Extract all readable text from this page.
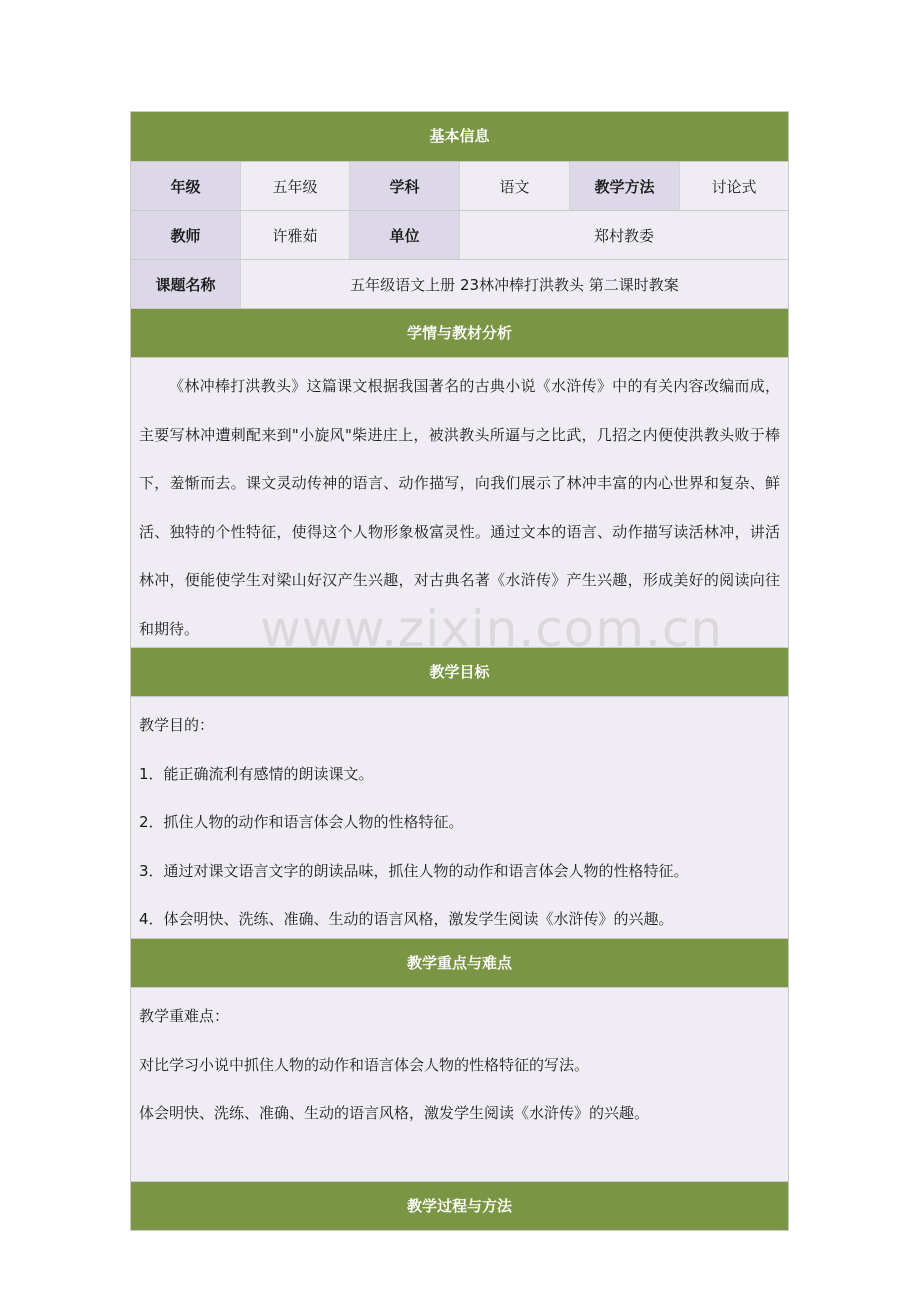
基本信息
年级	五年级	学科	语文	教学方法	讨论式
教师	许雅茹	单位	郑村教委
课题名称	五年级语文上册 23林冲棒打洪教头 第二课时教案
学情与教材分析
《林冲棒打洪教头》这篇课文根据我国著名的古典小说《水浒传》中的有关内容改编而成，主要写林冲遭刺配来到"小旋风"柴进庄上，被洪教头所逼与之比武，几招之内便使洪教头败于棒下，羞惭而去。课文灵动传神的语言、动作描写，向我们展示了林冲丰富的内心世界和复杂、鲜活、独特的个性特征，使得这个人物形象极富灵性。通过文本的语言、动作描写读活林冲，讲活林冲，便能使学生对梁山好汉产生兴趣，对古典名著《水浒传》产生兴趣，形成美好的阅读向往和期待。
教学目标
教学目的：
1．能正确流利有感情的朗读课文。
2．抓住人物的动作和语言体会人物的性格特征。
3．通过对课文语言文字的朗读品味，抓住人物的动作和语言体会人物的性格特征。
4．体会明快、洗练、准确、生动的语言风格，激发学生阅读《水浒传》的兴趣。
教学重点与难点
教学重难点：
对比学习小说中抓住人物的动作和语言体会人物的性格特征的写法。
体会明快、洗练、准确、生动的语言风格，激发学生阅读《水浒传》的兴趣。
教学过程与方法
